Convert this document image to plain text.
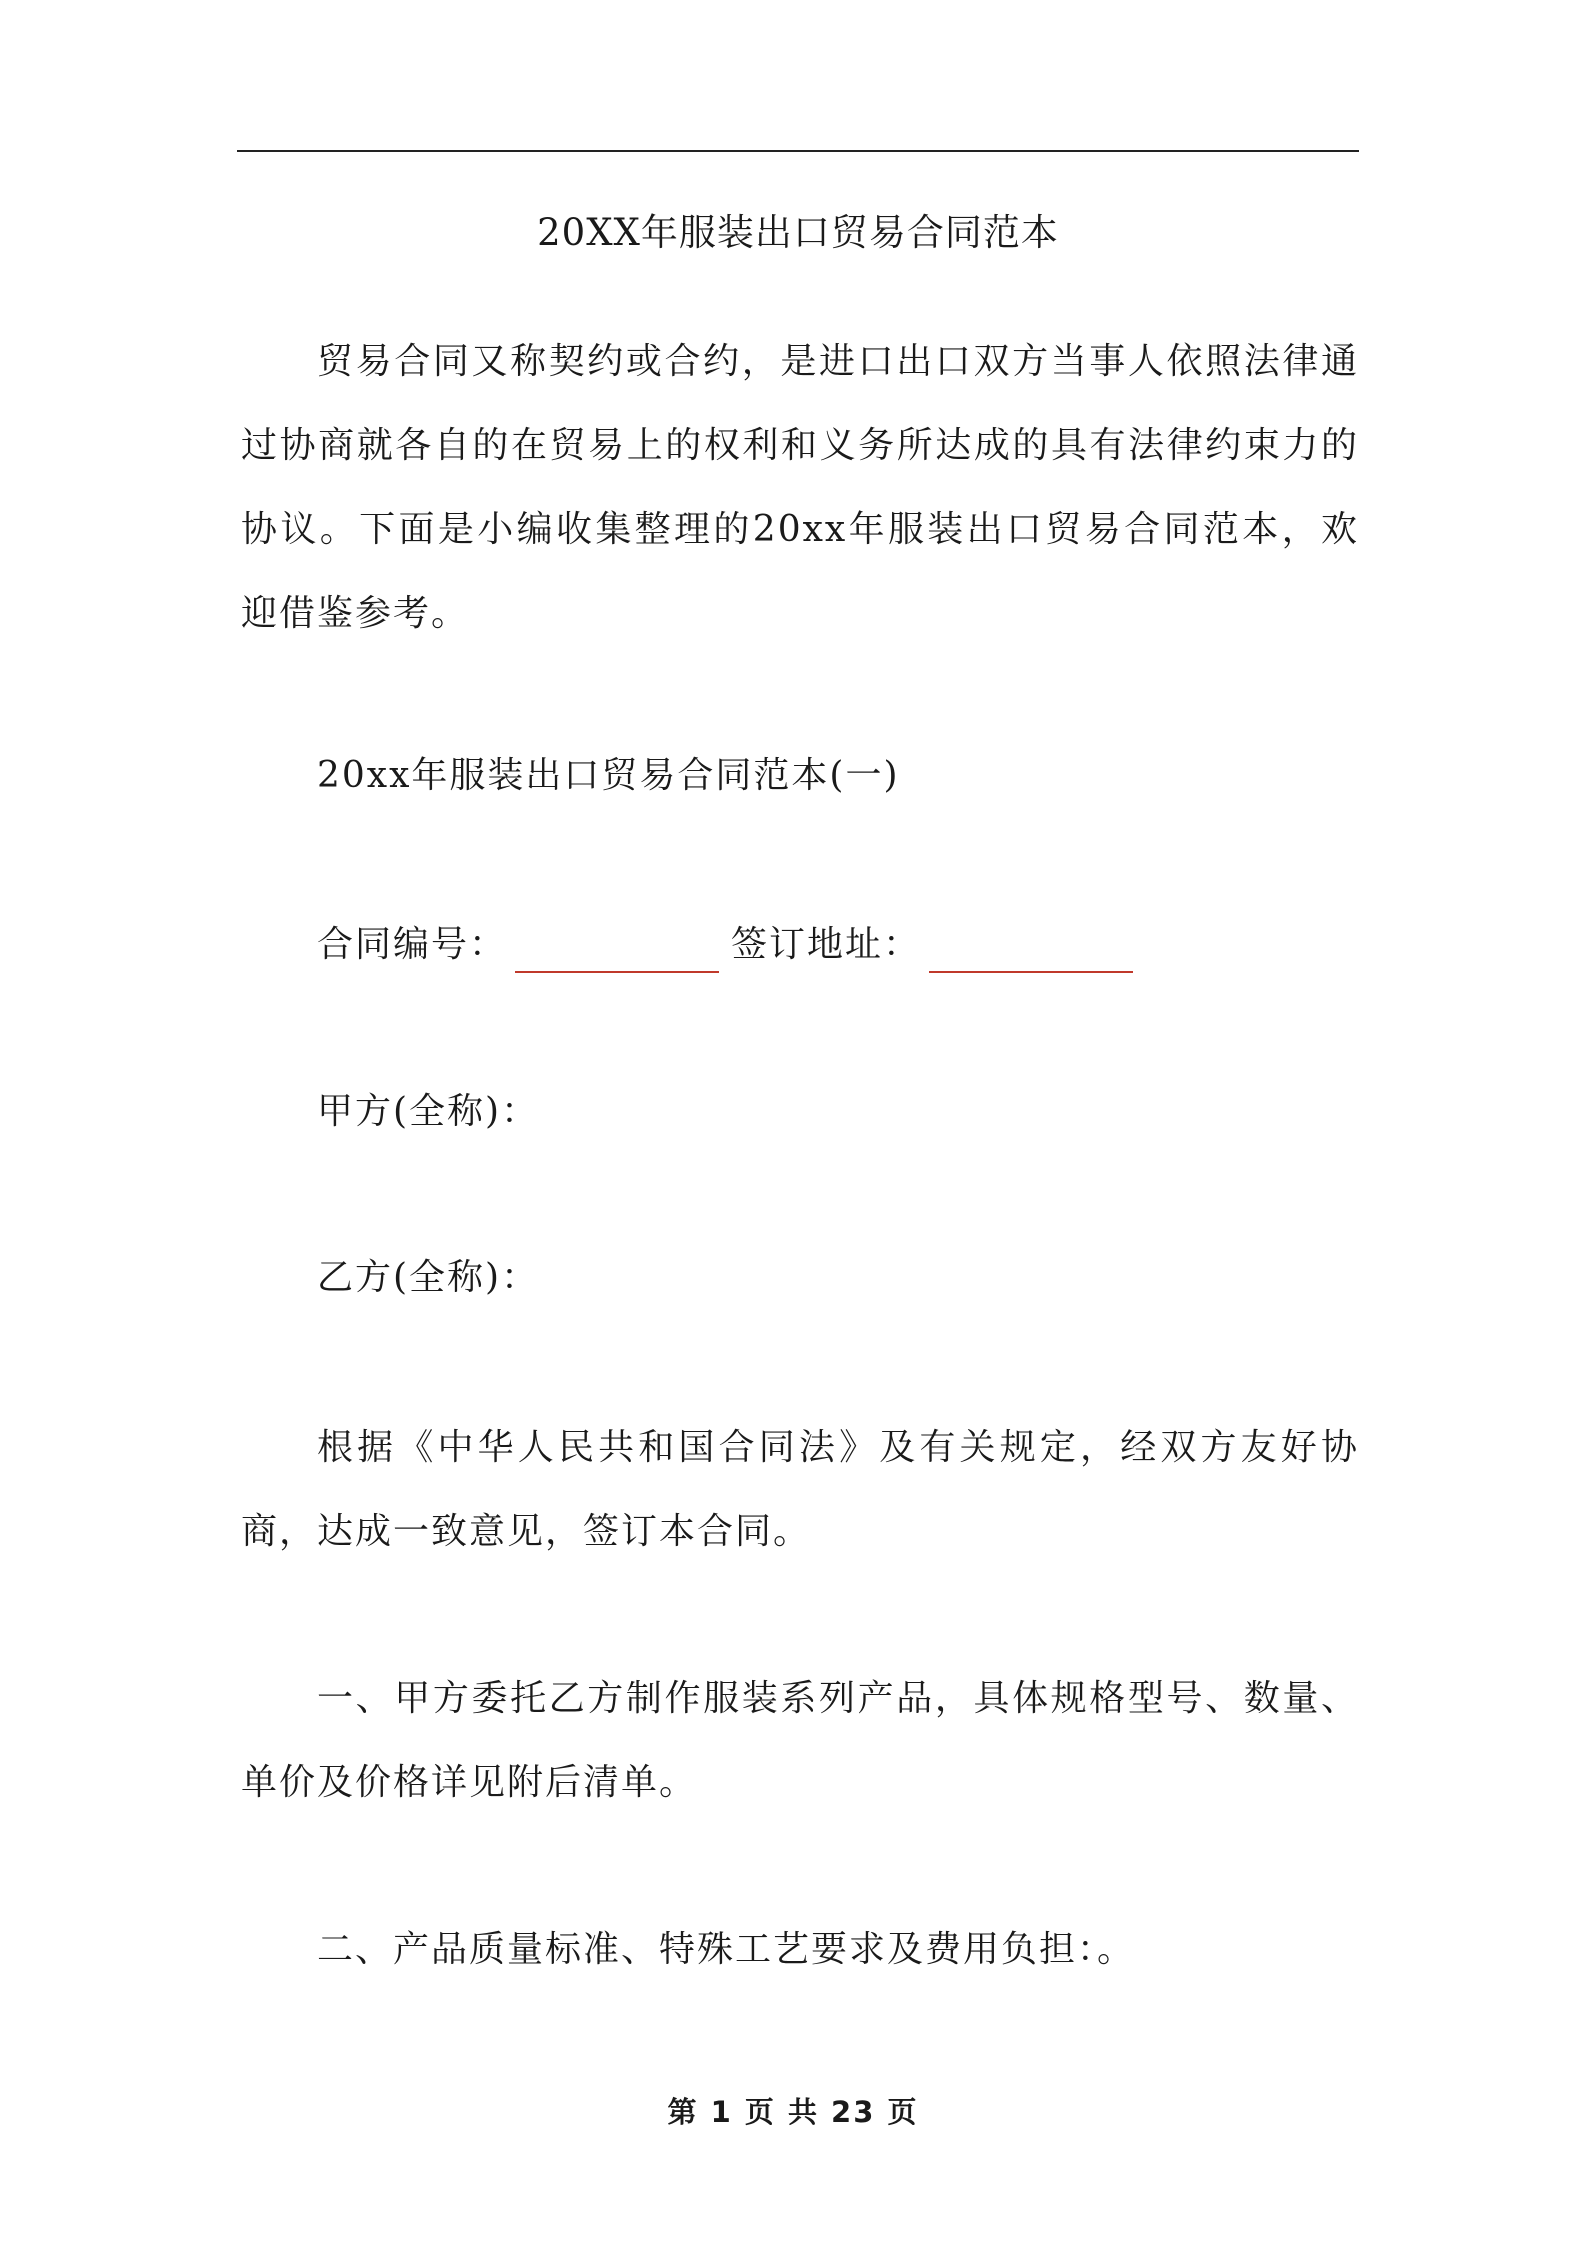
20XX年服装出口贸易合同范本
贸易合同又称契约或合约，是进口出口双方当事人依照法律通过协商就各自的在贸易上的权利和义务所达成的具有法律约束力的协议。下面是小编收集整理的20xx年服装出口贸易合同范本，欢迎借鉴参考。
20xx年服装出口贸易合同范本(一)
合同编号：	签订地址：
甲方(全称)：
乙方(全称)：
根据《中华人民共和国合同法》及有关规定，经双方友好协商，达成一致意见，签订本合同。
一、甲方委托乙方制作服装系列产品，具体规格型号、数量、单价及价格详见附后清单。
二、产品质量标准、特殊工艺要求及费用负担：。
第 1 页 共 23 页
